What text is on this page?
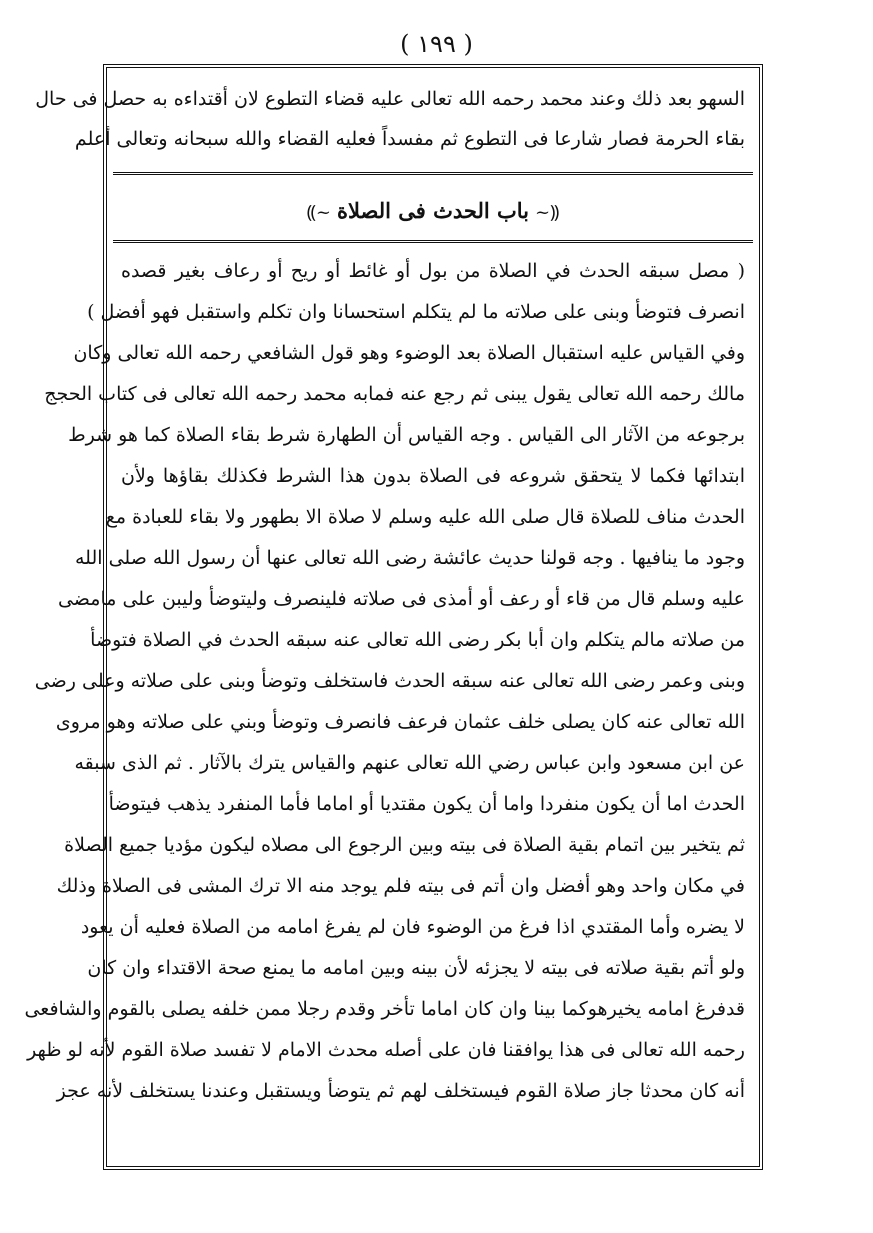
( ١٩٩ )
السهو بعد ذلك وعند محمد رحمه الله تعالى عليه قضاء التطوع لان أقتداءه به حصل فى حال
بقاء الحرمة فصار شارعا فى التطوع ثم مفسداً فعليه القضاء والله سبحانه وتعالى أعلم
⸨~باب الحدث فى الصلاة~⸩
( مصل سبقه الحدث في الصلاة من بول أو غائط أو ريح أو رعاف بغير قصده
انصرف فتوضأ وبنى على صلاته ما لم يتكلم استحسانا وان تكلم واستقبل فهو أفضل )
وفي القياس عليه استقبال الصلاة بعد الوضوء وهو قول الشافعي رحمه الله تعالى وكان
مالك رحمه الله تعالى يقول يبنى ثم رجع عنه فمابه محمد رحمه الله تعالى فى كتاب الحجج
برجوعه من الآثار الى القياس . وجه القياس أن الطهارة شرط بقاء الصلاة كما هو شرط
ابتدائها فكما لا يتحقق شروعه فى الصلاة بدون هذا الشرط فكذلك بقاؤها ولأن
الحدث مناف للصلاة قال صلى الله عليه وسلم لا صلاة الا بطهور ولا بقاء للعبادة مع
وجود ما ينافيها . وجه قولنا حديث عائشة رضى الله تعالى عنها أن رسول الله صلى الله
عليه وسلم قال من قاء أو رعف أو أمذى فى صلاته فلينصرف وليتوضأ وليبن على مامضى
من صلاته مالم يتكلم وان أبا بكر رضى الله تعالى عنه سبقه الحدث في الصلاة فتوضأ
وبنى وعمر رضى الله تعالى عنه سبقه الحدث فاستخلف وتوضأ وبنى على صلاته وعلى رضى
الله تعالى عنه كان يصلى خلف عثمان فرعف فانصرف وتوضأ وبني على صلاته وهو مروى
عن ابن مسعود وابن عباس رضي الله تعالى عنهم والقياس يترك بالآثار . ثم الذى سبقه
الحدث اما أن يكون منفردا واما أن يكون مقتديا أو اماما فأما المنفرد يذهب فيتوضأ
ثم يتخير بين اتمام بقية الصلاة فى بيته وبين الرجوع الى مصلاه ليكون مؤديا جميع الصلاة
في مكان واحد وهو أفضل وان أتم فى بيته فلم يوجد منه الا ترك المشى فى الصلاة وذلك
لا يضره وأما المقتدي اذا فرغ من الوضوء فان لم يفرغ امامه من الصلاة فعليه أن يعود
ولو أتم بقية صلاته فى بيته لا يجزئه لأن بينه وبين امامه ما يمنع صحة الاقتداء وان كان
قدفرغ امامه يخيرهوكما بينا وان كان اماما تأخر وقدم رجلا ممن خلفه يصلى بالقوم والشافعى
رحمه الله تعالى فى هذا يوافقنا فان على أصله محدث الامام لا تفسد صلاة القوم لأنه لو ظهر
أنه كان محدثا جاز صلاة القوم فيستخلف لهم ثم يتوضأ ويستقبل وعندنا يستخلف لأنه عجز
